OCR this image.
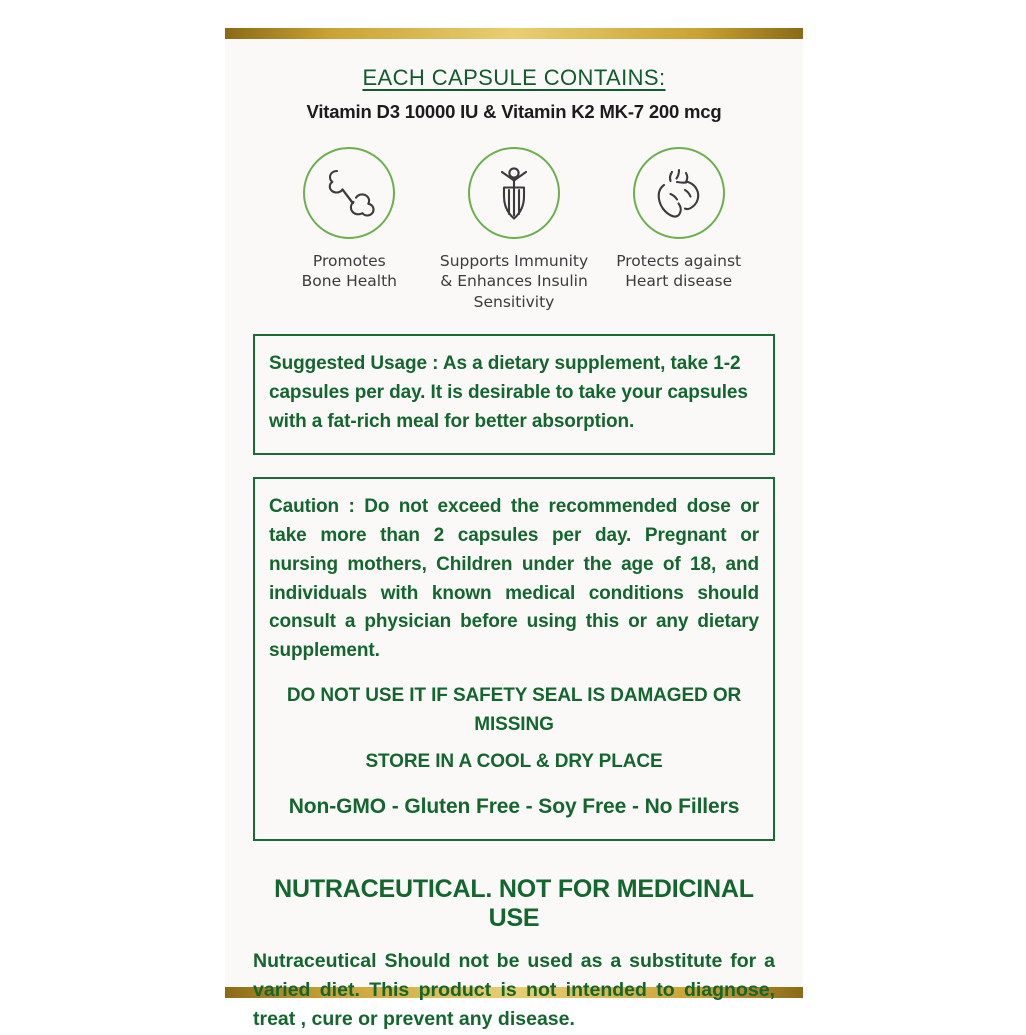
EACH CAPSULE CONTAINS:
Vitamin D3 10000 IU & Vitamin K2 MK-7 200 mcg
Promotes
Bone Health
Supports Immunity
& Enhances Insulin
Sensitivity
Protects against
Heart disease

Suggested Usage : As a dietary supplement, take 1-2 capsules per day. It is desirable to take your capsules with a fat-rich meal for better absorption.

Caution : Do not exceed the recommended dose or take more than 2 capsules per day. Pregnant or nursing mothers, Children under the age of 18, and individuals with known medical conditions should consult a physician before using this or any dietary supplement.

DO NOT USE IT IF SAFETY SEAL IS DAMAGED OR MISSING

STORE IN A COOL & DRY PLACE

Non-GMO - Gluten Free - Soy Free - No Fillers

NUTRACEUTICAL. NOT FOR MEDICINAL USE
Nutraceutical Should not be used as a substitute for a varied diet. This product is not intended to diagnose, treat , cure or prevent any disease.
